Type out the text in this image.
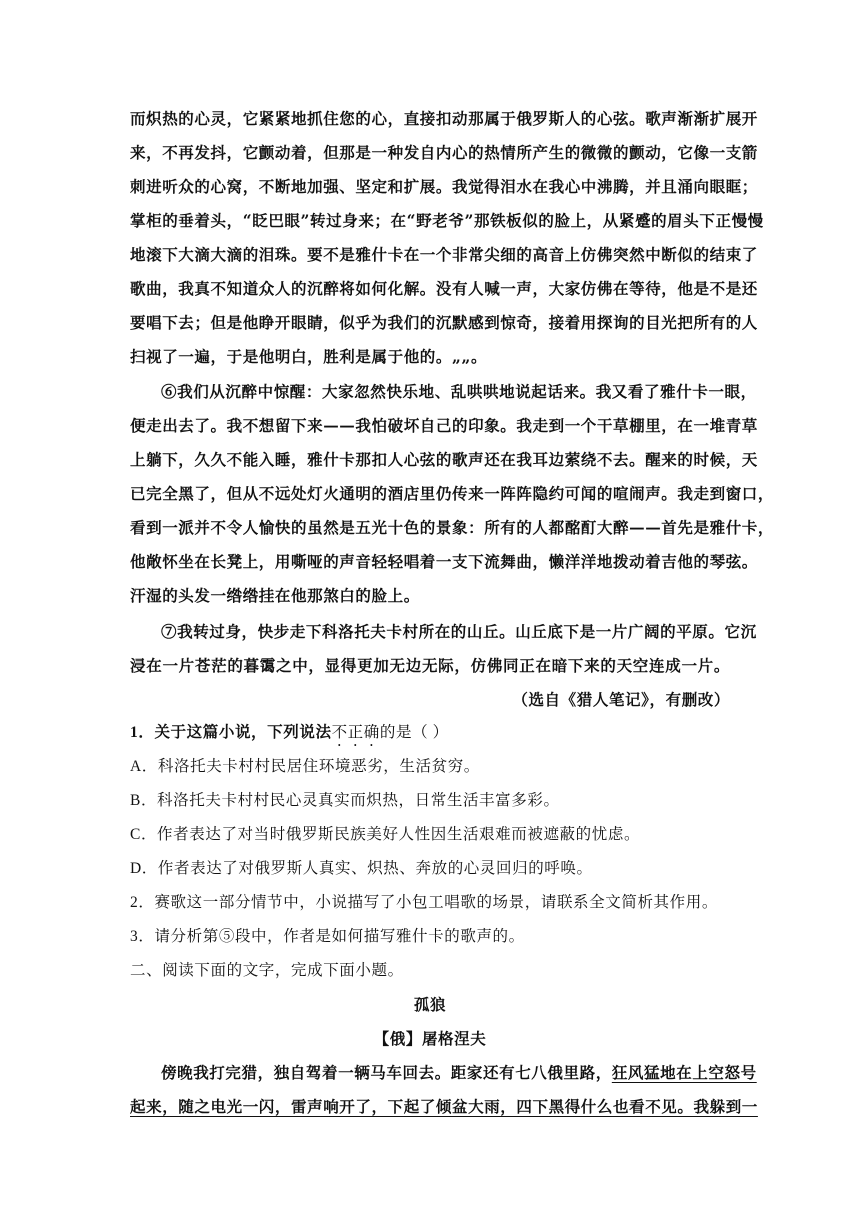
而炽热的心灵，它紧紧地抓住您的心，直接扣动那属于俄罗斯人的心弦。歌声渐渐扩展开
来，不再发抖，它颤动着，但那是一种发自内心的热情所产生的微微的颤动，它像一支箭
刺进听众的心窝，不断地加强、坚定和扩展。我觉得泪水在我心中沸腾，并且涌向眼眶；
掌柜的垂着头，“眨巴眼”转过身来；在“野老爷”那铁板似的脸上，从紧蹙的眉头下正慢慢
地滚下大滴大滴的泪珠。要不是雅什卡在一个非常尖细的高音上仿佛突然中断似的结束了
歌曲，我真不知道众人的沉醉将如何化解。没有人喊一声，大家仿佛在等待，他是不是还
要唱下去；但是他睁开眼睛，似乎为我们的沉默感到惊奇，接着用探询的目光把所有的人
扫视了一遍，于是他明白，胜利是属于他的。„„。
⑥我们从沉醉中惊醒：大家忽然快乐地、乱哄哄地说起话来。我又看了雅什卡一眼，
便走出去了。我不想留下来——我怕破坏自己的印象。我走到一个干草棚里，在一堆青草
上躺下，久久不能入睡，雅什卡那扣人心弦的歌声还在我耳边萦绕不去。醒来的时候，天
已完全黑了，但从不远处灯火通明的酒店里仍传来一阵阵隐约可闻的喧闹声。我走到窗口，
看到一派并不令人愉快的虽然是五光十色的景象：所有的人都酩酊大醉——首先是雅什卡，
他敞怀坐在长凳上，用嘶哑的声音轻轻唱着一支下流舞曲，懒洋洋地拨动着吉他的琴弦。
汗湿的头发一绺绺挂在他那煞白的脸上。
⑦我转过身，快步走下科洛托夫卡村所在的山丘。山丘底下是一片广阔的平原。它沉
浸在一片苍茫的暮霭之中，显得更加无边无际，仿佛同正在暗下来的天空连成一片。
（选自《猎人笔记》，有删改）
1．关于这篇小说，下列说法不正确的是（ ）
A．科洛托夫卡村村民居住环境恶劣，生活贫穷。
B．科洛托夫卡村村民心灵真实而炽热，日常生活丰富多彩。
C．作者表达了对当时俄罗斯民族美好人性因生活艰难而被遮蔽的忧虑。
D．作者表达了对俄罗斯人真实、炽热、奔放的心灵回归的呼唤。
2．赛歌这一部分情节中，小说描写了小包工唱歌的场景，请联系全文简析其作用。
3．请分析第⑤段中，作者是如何描写雅什卡的歌声的。
二、阅读下面的文字，完成下面小题。
孤狼
【俄】屠格涅夫
傍晚我打完猎，独自驾着一辆马车回去。距家还有七八俄里路，狂风猛地在上空怒号
起来，随之电光一闪，雷声响开了，下起了倾盆大雨，四下黑得什么也看不见。我躲到一
